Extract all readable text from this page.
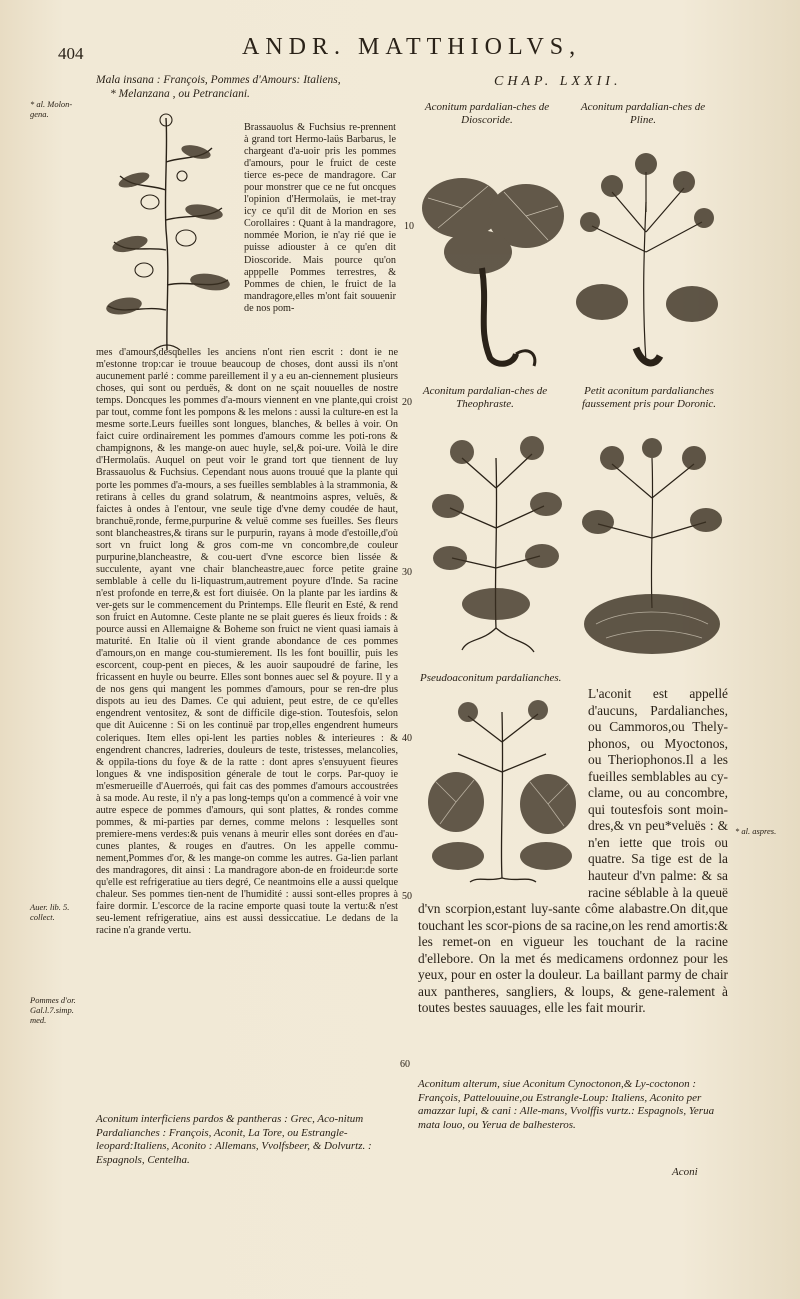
404	ANDR. MATTHIOLVS,
CHAP. LXXII.
Mala insana : François, Pommes d'Amours: Italiens,
* Melanzana , ou Petranciani.
* al. Molon-gena.
Auer. lib. 5. collect.
Pommes d'or. Gal.l.7.simp. med.
* al. aspres.
10
20
30
40
50
60

Brassauolus & Fuchsius re-prennent à grand tort Hermo-laüs Barbarus, le chargeant d'a-uoir pris les pommes d'amours, pour le fruict de ceste tierce es-pece de mandragore. Car pour monstrer que ce ne fut oncques l'opinion d'Hermolaüs, ie met-tray icy ce qu'il dit de Morion en ses Corollaires : Quant à la mandragore, nommée Morion, ie n'ay rié que ie puisse adiouster à ce qu'en dit Dioscoride. Mais pource qu'on apppelle Pommes terrestres, & Pommes de chien, le fruict de la mandragore,elles m'ont fait souuenir de nos pom-

mes d'amours,desquelles les anciens n'ont rien escrit : dont ie ne m'estonne trop:car ie trouue beaucoup de choses, dont aussi ils n'ont aucunement parlé : comme pareillement il y a eu an-ciennement plusieurs choses, qui sont ou perduës, & dont on ne sçait nouuelles de nostre temps. Doncques les pommes d'a-mours viennent en vne plante,qui croist par tout, comme font les pompons & les melons : aussi la culture-en est la mesme sorte.Leurs fueilles sont longues, blanches, & belles à voir. On faict cuire ordinairement les pommes d'amours comme les poti-rons & champignons, & les mange-on auec huyle, sel,& poi-ure. Voilà le dire d'Hermolaüs. Auquel on peut voir le grand tort que tiennent de luy Brassauolus & Fuchsius. Cependant nous auons trouué que la plante qui porte les pommes d'a-mours, a ses fueilles semblables à la strammonia, & retirans à celles du grand solatrum, & neantmoins aspres, veluës, & faictes à ondes à l'entour, vne seule tige d'vne demy coudée de haut, branchuë,ronde, ferme,purpurine & veluë comme ses fueilles. Ses fleurs sont blancheastres,& tirans sur le purpurin, rayans à mode d'estoille,d'où sort vn fruict long & gros com-me vn concombre,de couleur purpurine,blancheastre, & cou-uert d'vne escorce bien lissée & succulente, ayant vne chair blancheastre,auec force petite graine semblable à celle du li-liquastrum,autrement poyure d'Inde. Sa racine n'est profonde en terre,& est fort diuisée. On la plante par les iardins & ver-gets sur le commencement du Printemps. Elle fleurit en Esté, & rend son fruict en Automne. Ceste plante ne se plait gueres és lieux froids : & pource aussi en Allemaigne & Boheme son fruict ne vient quasi iamais à maturité. En Italie où il vient grande abondance de ces pommes d'amours,on en mange cou-stumierement. Ils les font bouillir, puis les escorcent, coup-pent en pieces, & les auoir saupoudré de farine, les fricassent en huyle ou beurre. Elles sont bonnes auec sel & poyure. Il y a de nos gens qui mangent les pommes d'amours, pour se ren-dre plus dispots au ieu des Dames. Ce qui aduient, peut estre, de ce qu'elles engendrent ventositez, & sont de difficile dige-stion. Toutesfois, selon que dit Auicenne : Si on les continuë par trop,elles engendrent humeurs coleriques. Item elles opi-lent les parties nobles & interieures : & engendrent chancres, ladreries, douleurs de teste, tristesses, melancolies, & oppila-tions du foye & de la ratte : dont apres s'ensuyuent fieures longues & vne indisposition génerale de tout le corps. Par-quoy ie m'esmerueille d'Auerroés, qui fait cas des pommes d'amours accoustrées à sa mode. Au reste, il n'y a pas long-temps qu'on a commencé à voir vne autre espece de pommes d'amours, qui sont plattes, & rondes comme pommes, & mi-parties par dernes, comme melons : lesquelles sont premiere-mens verdes:& puis venans à meurir elles sont dorées en d'au-cunes plantes, & rouges en d'autres. On les appelle commu-nement,Pommes d'or, & les mange-on comme les autres. Ga-lien parlant des mandragores, dit ainsi : La mandragore abon-de en froideur:de sorte qu'elle est refrigeratiue au tiers degré, Ce neantmoins elle a aussi quelque chaleur. Ses pommes tien-nent de l'humidité : aussi sont-elles propres à faire dormir. L'escorce de la racine emporte quasi toute la vertu:& n'est seu-lement refrigeratiue, ains est aussi dessiccatiue. Le dedans de la racine n'a grande vertu.

Aconitum interficiens pardos & pantheras : Grec, Aco-nitum Pardalianches : François, Aconit, La Tore, ou Estrangle-leopard:Italiens, Aconito : Allemans, Vvolfsbeer, & Dolvurtz. : Espagnols, Centelha.

Aconitum pardalian-ches de Dioscoride.
Aconitum pardalian-ches de Pline.
Aconitum pardalian-ches de Theophraste.
Petit aconitum pardalianches faussement pris pour Doronic.
Pseudoaconitum pardalianches.

L'aconit est appellé d'aucuns, Pardalianches, ou Cammoros,ou Thely-phonos, ou Myoctonos, ou Theriophonos.Il a les fueilles semblables au cy-clame, ou au concombre, qui toutesfois sont moin-dres,& vn peu*veluës : & n'en iette que trois ou quatre. Sa tige est de la hauteur d'vn palme: & sa racine séblable à la queuë d'vn scorpion,estant luy-sante côme alabastre.On dit,que touchant les scor-pions de sa racine,on les rend amortis:& les remet-on en vigueur les touchant de la racine d'ellebore. On la met és medicamens ordonnez pour les yeux, pour en oster la douleur. La baillant parmy de chair aux pantheres, sangliers, & loups, & gene-ralement à toutes bestes sauuages, elle les fait mourir.

Aconitum alterum, siue Aconitum Cynoctonon,& Ly-coctonon : François, Pattelouuine,ou Estrangle-Loup: Italiens, Aconito per amazzar lupi, & cani : Alle-mans, Vvolffis vurtz.: Espagnols, Yerua mata louo, ou Yerua de balhesteros.

Aconi
